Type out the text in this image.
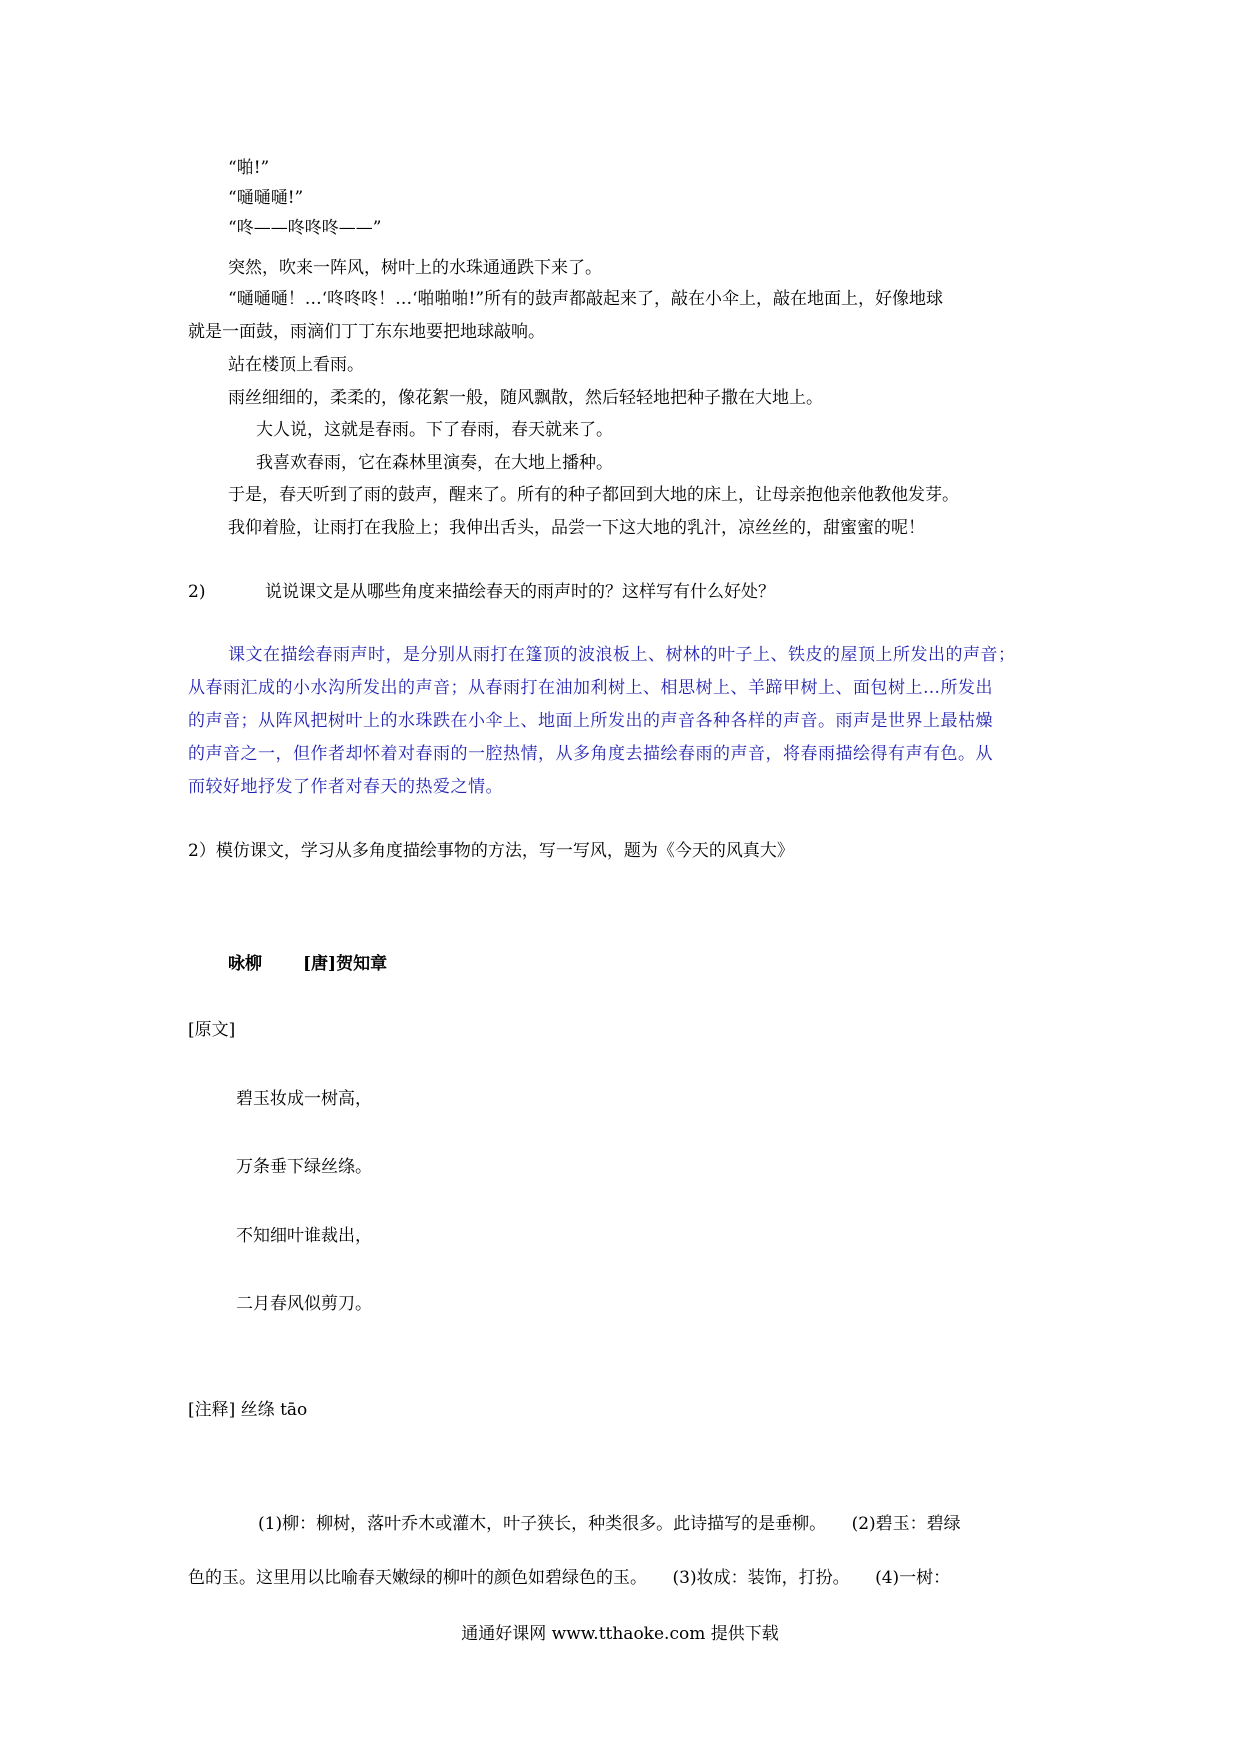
“啪!”

“嗵嗵嗵!”

“咚——咚咚咚——”

突然，吹来一阵风，树叶上的水珠通通跌下来了。

“嗵嗵嗵！…‘咚咚咚！…‘啪啪啪!”所有的鼓声都敲起来了，敲在小伞上，敲在地面上，好像地球

就是一面鼓，雨滴们丁丁东东地要把地球敲响。

站在楼顶上看雨。

雨丝细细的，柔柔的，像花絮一般，随风飘散，然后轻轻地把种子撒在大地上。

大人说，这就是春雨。下了春雨，春天就来了。

我喜欢春雨，它在森林里演奏，在大地上播种。

于是，春天听到了雨的鼓声，醒来了。所有的种子都回到大地的床上，让母亲抱他亲他教他发芽。

我仰着脸，让雨打在我脸上；我伸出舌头，品尝一下这大地的乳汁，凉丝丝的，甜蜜蜜的呢！

2)	说说课文是从哪些角度来描绘春天的雨声时的？这样写有什么好处？

课文在描绘春雨声时，是分别从雨打在篷顶的波浪板上、树林的叶子上、铁皮的屋顶上所发出的声音；

从春雨汇成的小水沟所发出的声音；从春雨打在油加利树上、相思树上、羊蹄甲树上、面包树上…所发出

的声音；从阵风把树叶上的水珠跌在小伞上、地面上所发出的声音各种各样的声音。雨声是世界上最枯燥

的声音之一，但作者却怀着对春雨的一腔热情，从多角度去描绘春雨的声音，将春雨描绘得有声有色。从

而较好地抒发了作者对春天的热爱之情。

2）模仿课文，学习从多角度描绘事物的方法，写一写风，题为《今天的风真大》

咏柳 [唐]贺知章

[原文]

碧玉妆成一树高，

万条垂下绿丝绦。

不知细叶谁裁出，

二月春风似剪刀。

[注释] 丝绦 tāo

(1)柳：柳树，落叶乔木或灌木，叶子狭长，种类很多。此诗描写的是垂柳。　　(2)碧玉：碧绿

色的玉。这里用以比喻春天嫩绿的柳叶的颜色如碧绿色的玉。　　(3)妆成：装饰，打扮。　　(4)一树：

通通好课网 www.tthaoke.com 提供下载
